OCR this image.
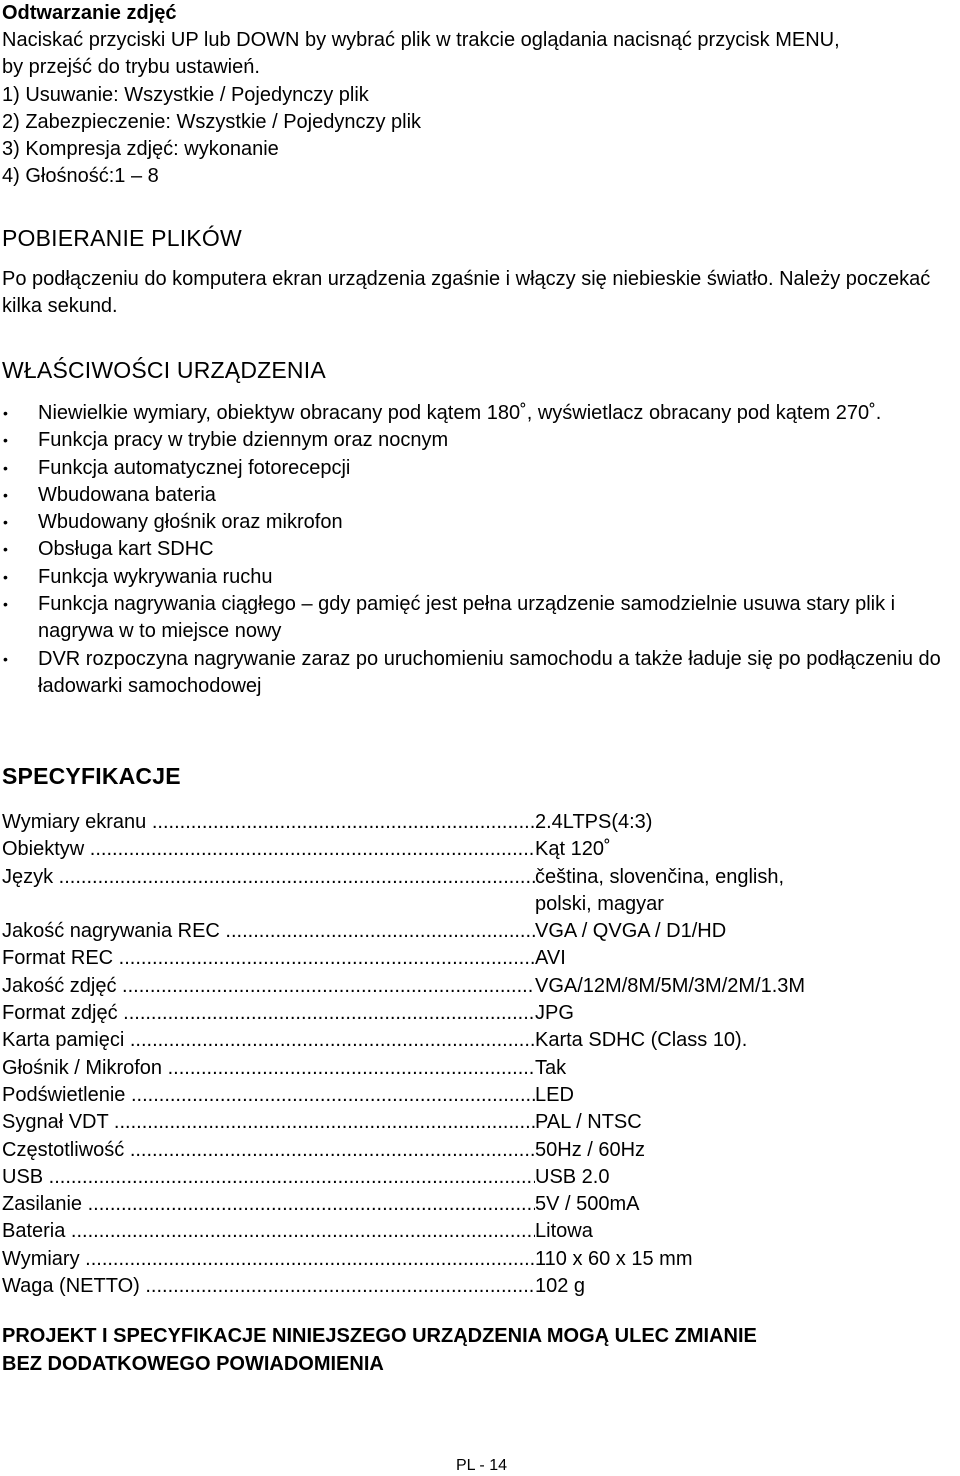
Odtwarzanie zdjęć
Naciskać przyciski UP lub DOWN by wybrać plik w trakcie oglądania nacisnąć przycisk MENU,
by przejść do trybu ustawień.
1) Usuwanie: Wszystkie / Pojedynczy plik
2) Zabezpieczenie: Wszystkie / Pojedynczy plik
3) Kompresja zdjęć: wykonanie
4) Głośność:1 – 8
POBIERANIE PLIKÓW
Po podłączeniu do komputera ekran urządzenia zgaśnie i włączy się niebieskie światło. Należy poczekać kilka sekund.
WŁAŚCIWOŚCI URZĄDZENIA
• Niewielkie wymiary, obiektyw obracany pod kątem 180˚, wyświetlacz obracany pod kątem 270˚.
• Funkcja pracy w trybie dziennym oraz nocnym
• Funkcja automatycznej fotorecepcji
• Wbudowana bateria
• Wbudowany głośnik oraz mikrofon
• Obsługa kart SDHC
• Funkcja wykrywania ruchu
• Funkcja nagrywania ciągłego – gdy pamięć jest pełna urządzenie samodzielnie usuwa stary plik i nagrywa w to miejsce nowy
• DVR rozpoczyna nagrywanie zaraz po uruchomieniu samochodu a także ładuje się po podłączeniu do ładowarki samochodowej
SPECYFIKACJE
Wymiary ekranu .....	2.4LTPS(4:3)
Obiektyw .....	Kąt 120˚
Język .....	čeština, slovenčina, english,
polski, magyar
Jakość nagrywania REC .....	VGA / QVGA / D1/HD
Format REC .....	AVI
Jakość zdjęć .....	VGA/12M/8M/5M/3M/2M/1.3M
Format zdjęć .....	JPG
Karta pamięci .....	Karta SDHC (Class 10).
Głośnik / Mikrofon .....	Tak
Podświetlenie .....	LED
Sygnał VDT .....	PAL / NTSC
Częstotliwość .....	50Hz / 60Hz
USB .....	USB 2.0
Zasilanie .....	5V / 500mA
Bateria .....	Litowa
Wymiary .....	110 x 60 x 15 mm
Waga (NETTO) .....	102 g
PROJEKT I SPECYFIKACJE NINIEJSZEGO URZĄDZENIA MOGĄ ULEC ZMIANIE
BEZ DODATKOWEGO POWIADOMIENIA
PL - 14
